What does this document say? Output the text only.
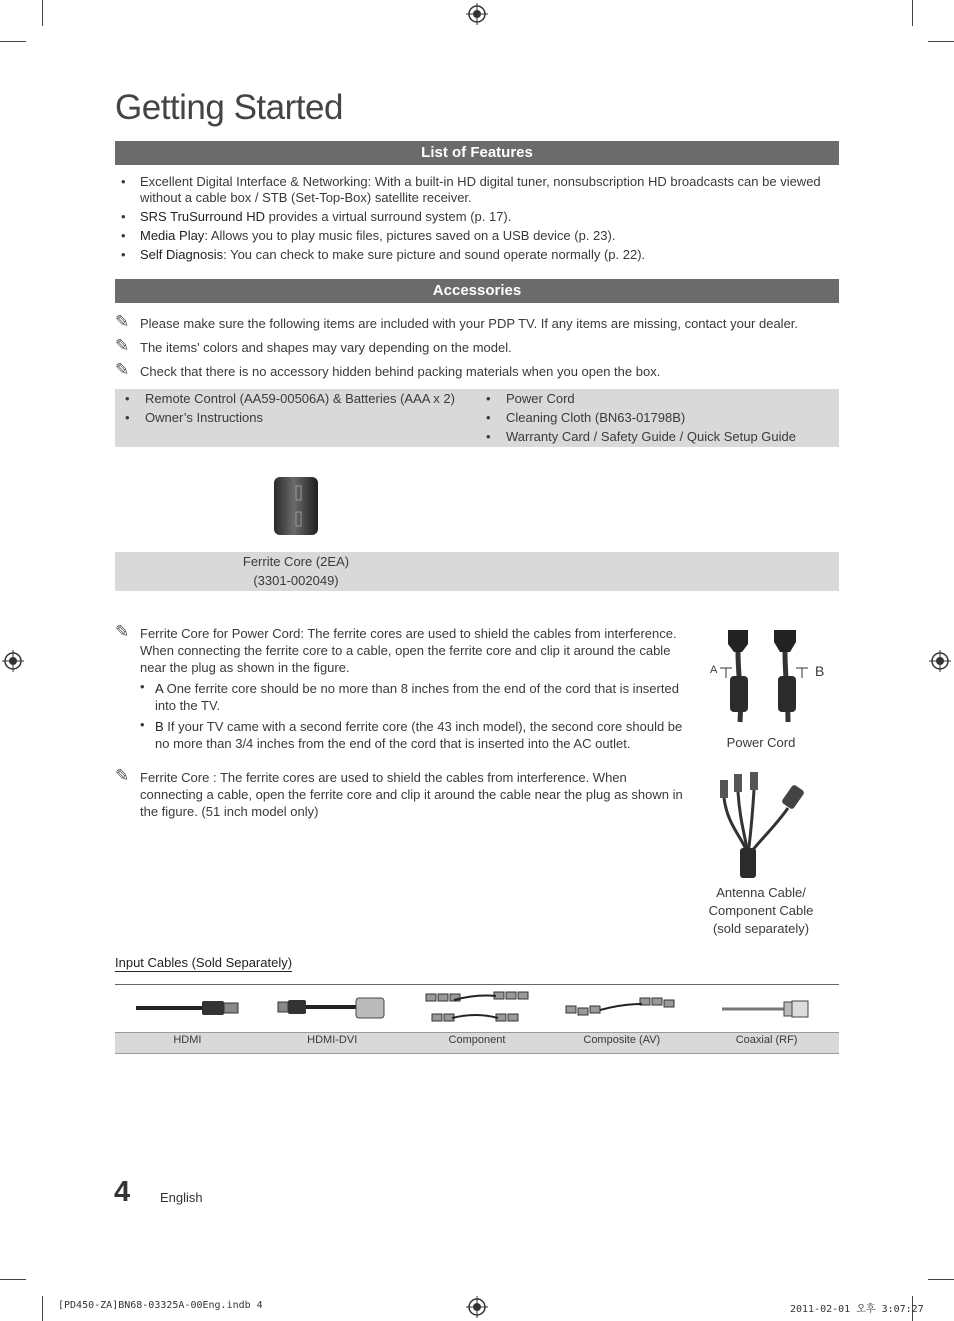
Getting Started
List of Features
• Excellent Digital Interface & Networking: With a built-in HD digital tuner, nonsubscription HD broadcasts can be viewed without a cable box / STB (Set-Top-Box) satellite receiver.
• SRS TruSurround HD provides a virtual surround system (p. 17).
• Media Play: Allows you to play music files, pictures saved on a USB device (p. 23).
• Self Diagnosis: You can check to make sure picture and sound operate normally (p. 22).
Accessories
✎ Please make sure the following items are included with your PDP TV. If any items are missing, contact your dealer.
✎ The items' colors and shapes may vary depending on the model.
✎ Check that there is no accessory hidden behind packing materials when you open the box.
• Remote Control (AA59-00506A) & Batteries (AAA x 2)
• Owner’s Instructions
• Power Cord
• Cleaning Cloth (BN63-01798B)
• Warranty Card / Safety Guide / Quick Setup Guide
Ferrite Core (2EA)
(3301-002049)
✎ Ferrite Core for Power Cord: The ferrite cores are used to shield the cables from interference. When connecting the ferrite core to a cable, open the ferrite core and clip it around the cable near the plug as shown in the figure.
• A One ferrite core should be no more than 8 inches from the end of the cord that is inserted into the TV.
• B If your TV came with a second ferrite core (the 43 inch model), the second core should be no more than 3/4 inches from the end of the cord that is inserted into the AC outlet.
✎ Ferrite Core : The ferrite cores are used to shield the cables from interference. When connecting a cable, open the ferrite core and clip it around the cable near the plug as shown in the figure. (51 inch model only)
A	B
Power Cord
Antenna Cable/
Component Cable
(sold separately)
Input Cables (Sold Separately)
HDMI	HDMI-DVI	Component	Composite (AV)	Coaxial (RF)
4 English
[PD450-ZA]BN68-03325A-00Eng.indb 4	2011-02-01 오후 3:07:27
